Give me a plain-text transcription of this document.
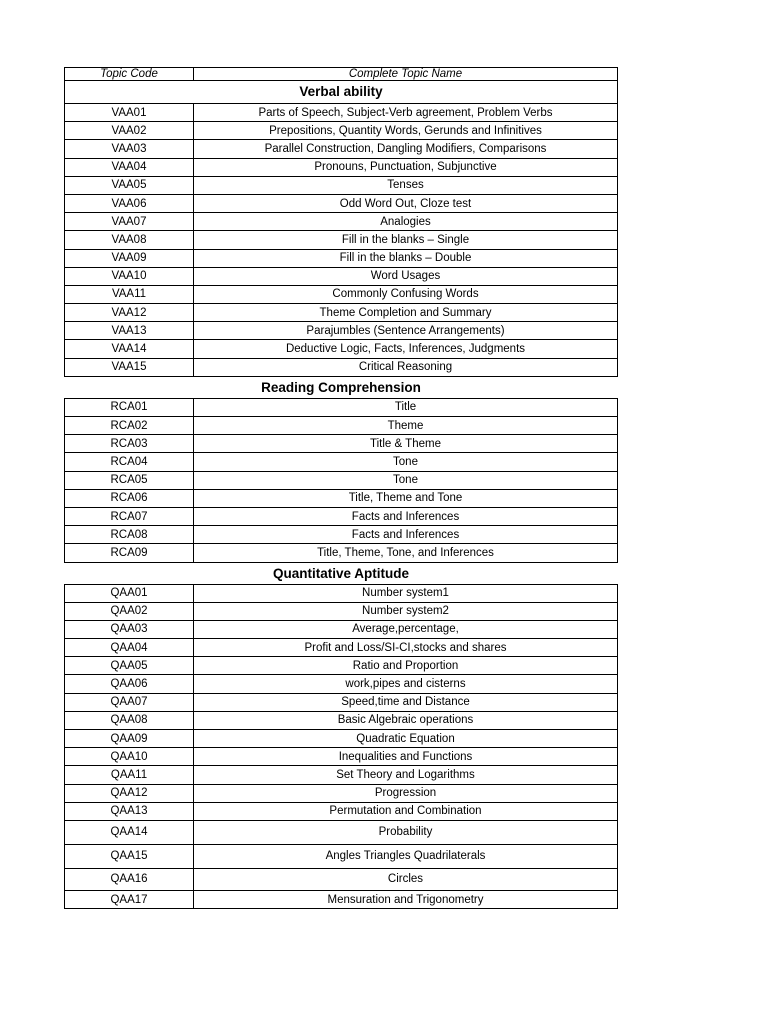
Topic Code	Complete Topic Name
Verbal ability
VAA01	Parts of Speech, Subject-Verb agreement, Problem Verbs
VAA02	Prepositions, Quantity Words, Gerunds and Infinitives
VAA03	Parallel Construction, Dangling Modifiers, Comparisons
VAA04	Pronouns, Punctuation, Subjunctive
VAA05	Tenses
VAA06	Odd Word Out, Cloze test
VAA07	Analogies
VAA08	Fill in the blanks – Single
VAA09	Fill in the blanks – Double
VAA10	Word Usages
VAA11	Commonly Confusing Words
VAA12	Theme Completion and Summary
VAA13	Parajumbles (Sentence Arrangements)
VAA14	Deductive Logic, Facts, Inferences, Judgments
VAA15	Critical Reasoning
Reading Comprehension
RCA01	Title
RCA02	Theme
RCA03	Title & Theme
RCA04	Tone
RCA05	Tone
RCA06	Title, Theme and Tone
RCA07	Facts and Inferences
RCA08	Facts and Inferences
RCA09	Title, Theme, Tone, and Inferences
Quantitative Aptitude
QAA01	Number system1
QAA02	Number system2
QAA03	Average,percentage,
QAA04	Profit and Loss/SI-CI,stocks and shares
QAA05	Ratio and Proportion
QAA06	work,pipes and cisterns
QAA07	Speed,time and Distance
QAA08	Basic Algebraic operations
QAA09	Quadratic Equation
QAA10	Inequalities and Functions
QAA11	Set Theory and Logarithms
QAA12	Progression
QAA13	Permutation and Combination
QAA14	Probability
QAA15	Angles Triangles Quadrilaterals
QAA16	Circles
QAA17	Mensuration and Trigonometry
